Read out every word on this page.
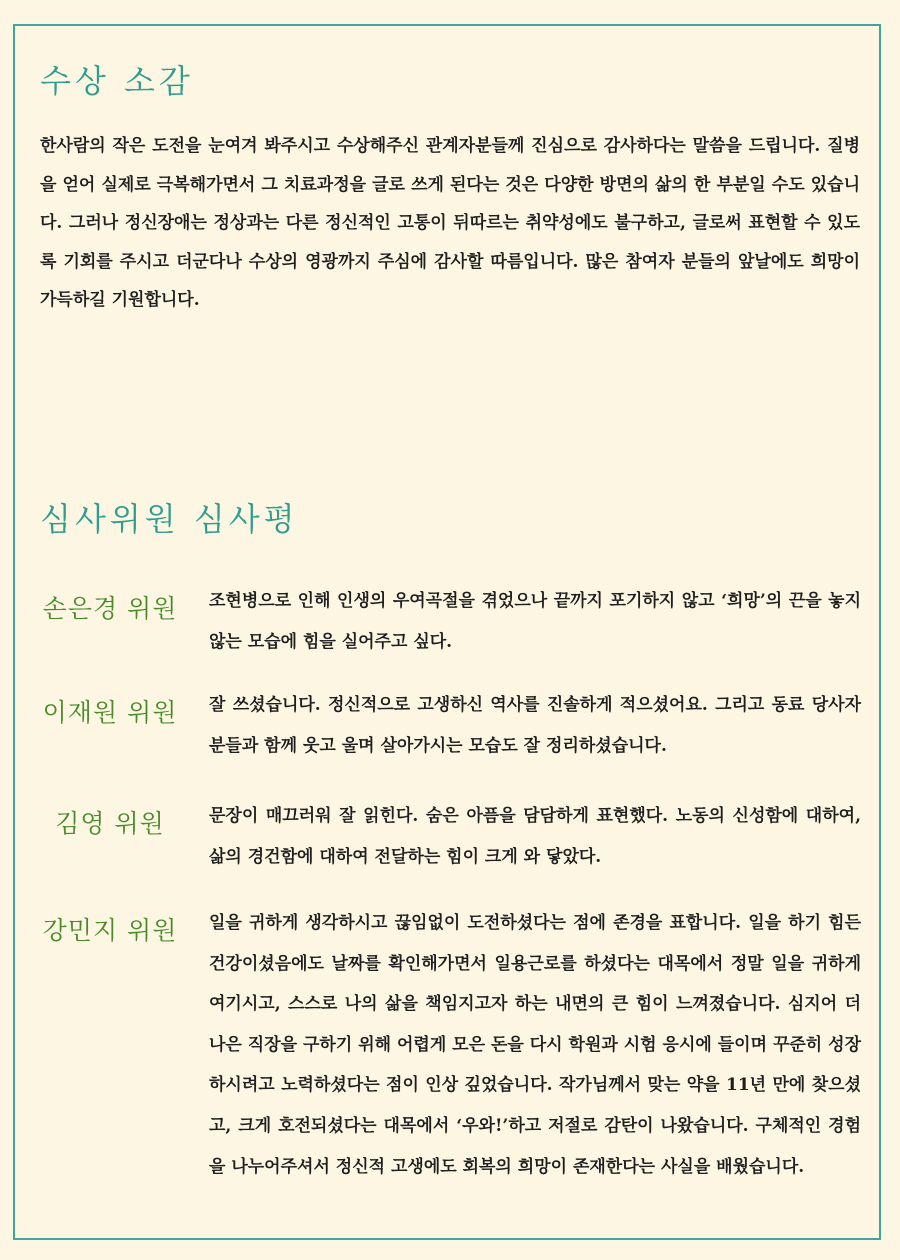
수상 소감

한사람의 작은 도전을 눈여겨 봐주시고 수상해주신 관계자분들께 진심으로 감사하다는 말씀을 드립니다. 질병을 얻어 실제로 극복해가면서 그 치료과정을 글로 쓰게 된다는 것은 다양한 방면의 삶의 한 부분일 수도 있습니다. 그러나 정신장애는 정상과는 다른 정신적인 고통이 뒤따르는 취약성에도 불구하고, 글로써 표현할 수 있도록 기회를 주시고 더군다나 수상의 영광까지 주심에 감사할 따름입니다. 많은 참여자 분들의 앞날에도 희망이 가득하길 기원합니다.

심사위원 심사평
손은경 위원	조현병으로 인해 인생의 우여곡절을 겪었으나 끝까지 포기하지 않고 ‘희망’의 끈을 놓지 않는 모습에 힘을 실어주고 싶다.

이재원 위원	잘 쓰셨습니다. 정신적으로 고생하신 역사를 진솔하게 적으셨어요. 그리고 동료 당사자 분들과 함께 웃고 울며 살아가시는 모습도 잘 정리하셨습니다.

김영 위원	문장이 매끄러워 잘 읽힌다. 숨은 아픔을 담담하게 표현했다. 노동의 신성함에 대하여, 삶의 경건함에 대하여 전달하는 힘이 크게 와 닿았다.

강민지 위원	일을 귀하게 생각하시고 끊임없이 도전하셨다는 점에 존경을 표합니다. 일을 하기 힘든 건강이셨음에도 날짜를 확인해가면서 일용근로를 하셨다는 대목에서 정말 일을 귀하게 여기시고, 스스로 나의 삶을 책임지고자 하는 내면의 큰 힘이 느껴졌습니다. 심지어 더 나은 직장을 구하기 위해 어렵게 모은 돈을 다시 학원과 시험 응시에 들이며 꾸준히 성장하시려고 노력하셨다는 점이 인상 깊었습니다. 작가님께서 맞는 약을 11년 만에 찾으셨고, 크게 호전되셨다는 대목에서 ‘우와!’하고 저절로 감탄이 나왔습니다. 구체적인 경험을 나누어주셔서 정신적 고생에도 회복의 희망이 존재한다는 사실을 배웠습니다.
